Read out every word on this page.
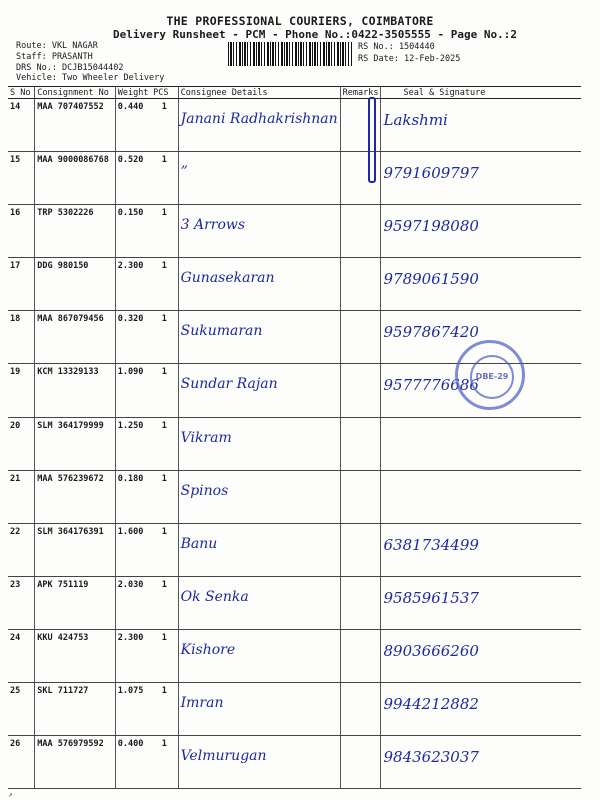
THE PROFESSIONAL COURIERS, COIMBATORE
Delivery Runsheet - PCM - Phone No.:0422-3505555 - Page No.:2
Route: VKL NAGAR
Staff: PRASANTH
DRS No.: DCJB15044402
Vehicle: Two Wheeler Delivery
RS No.: 1504440
RS Date: 12-Feb-2025
S No	Consignment No	Weight	PCS	Consignee Details	Remarks	Seal & Signature
14	MAA 707407552	0.440	1	Janani Radhakrishnan		Lakshmi
15	MAA 9000086768	0.520	1	”		9791609797
16	TRP 5302226	0.150	1	3 Arrows		9597198080
17	DDG 980150	2.300	1	Gunasekaran		9789061590
18	MAA 867079456	0.320	1	Sukumaran		9597867420
19	KCM 13329133	1.090	1	Sundar Rajan		9577776686
20	SLM 364179999	1.250	1	Vikram		
21	MAA 576239672	0.180	1	Spinos		
22	SLM 364176391	1.600	1	Banu		6381734499
23	APK 751119	2.030	1	Ok Senka		9585961537
24	KKU 424753	2.300	1	Kishore		8903666260
25	SKL 711727	1.075	1	Imran		9944212882
26	MAA 576979592	0.400	1	Velmurugan		9843623037
DBE-29
↗
